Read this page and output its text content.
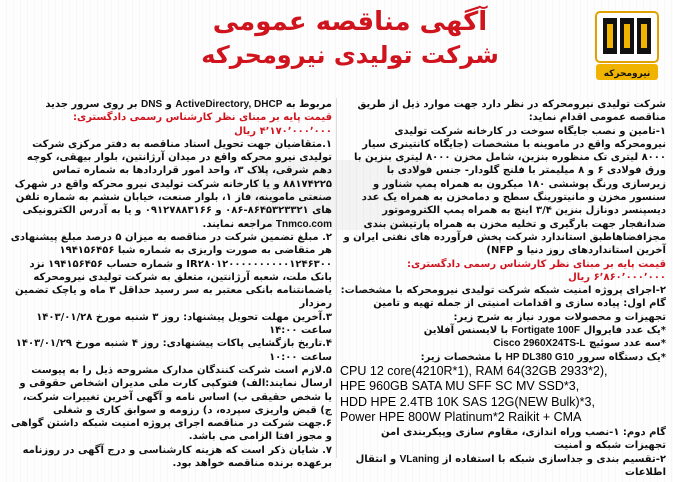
آگهی مناقصه عمومی
شرکت تولیدی نیرومحرکه
نیرومحرکه

شرکت تولیدی نیرومحرکه در نظر دارد جهت موارد ذیل از طریق مناقصه عمومی اقدام نماید:

۱-تامین و نصب جایگاه سوخت در کارخانه شرکت تولیدی نیرومحرکه واقع در ماموینه با مشخصات (جایگاه کانتینری سیار ۸۰۰۰ لیتری تک منظوره بنزین، شامل مخزن ۸۰۰۰ لیتری بنزین با ورق فولادی ۶ و ۸ میلیمتر با فلنج گلودار- جنس فولادی با زیرسازی ورنگ پوششی ۱۸۰ میکرون به همراه پمپ شناور و سنسور مخزن و مانیتورینگ سطح و دمامخزن به همراه یک عدد دیسپنسر دونازل بنزین ۳/۴ اینچ به همراه پمپ الکتروموتور ضدانفجار جهت بارگیری و تخلیه مخزن به همراه پارتیشن بندی مجزافضاهاطبق استاندارد شرکت پخش فرآورده های نفتی ایران و آخرین استانداردهای روز دنیا و NFP)

قیمت پایه بر مبنای نظر کارشناس رسمی دادگستری: ۶٬۸۶۰٬۰۰۰٬۰۰۰ ریال

۲-اجرای پروژه امنیت شبکه شرکت تولیدی نیرومحرکه با مشخصات:

گام اول: پیاده سازی و اقدامات امنیتی از جمله تهیه و تامین تجهیزات و محصولات مورد نیاز به شرح زیر:

*یک عدد فایروال Fortigate 100F با لایسنس آفلاین

*سه عدد سوئیچ Cisco 2960X24TS-L

*یک دستگاه سرور HP DL380 G10 با مشخصات زیر:

CPU 12 core(4210R*1), RAM 64(32GB 2933*2),
HPE 960GB SATA MU SFF SC MV SSD*3,
HDD HPE 2.4TB 10K SAS 12G(NEW Bulk)*3,
Power HPE 800W Platinum*2 Raikit + CMA

گام دوم: ۱-نصب وراه اندازی، مقاوم سازی وپیکربندی امن تجهیزات شبکه و امنیت

۲-تقسیم بندی و جداسازی شبکه با استفاده از VLaning و انتقال اطلاعات

مربوط به ActiveDirectory, DHCP و DNS بر روی سرور جدید

قیمت پایه بر مبنای نظر کارشناس رسمی دادگستری: ۴٬۱۷۰٬۰۰۰٬۰۰۰ ریال

۱.متقاضیان جهت تحویل اسناد مناقصه به دفتر مرکزی شرکت تولیدی نیرو محرکه واقع در میدان آرژانتین، بلوار بیهقی، کوچه دهم شرقی، پلاک ۳، واحد امور قراردادها به شماره تماس ۸۸۱۷۴۲۲۵ و یا کارخانه شرکت تولیدی نیرو محرکه واقع در شهرک صنعتی ماموینه، فاز ۱، بلوار صنعت، خیابان ششم به شماره تلفن های ۸۶۴۵۳۲۳۳۲۱-۰۸۶ و ۰۹۱۲۷۸۸۳۱۶۶ و یا به آدرس الکترونیکی

Tnmco.com مراجعه نمایند.

۲. مبلغ تضمین شرکت در مناقصه به میزان ۵ درصد مبلغ پیشنهادی هر متقاضی به صورت واریزی به شماره شبا ۱۹۴۱۵۶۴۵۶ IR۲۸۰۱۲۰۰۰۰۰۰۰۰۰۰۱۲۴۶۳۰۰ و شماره حساب ۱۹۴۱۵۶۴۵۶ نزد بانک ملت، شعبه آرژانتین، متعلق به شرکت تولیدی نیرومحرکه یاضمانتنامه بانکی معتبر به سر رسید حداقل ۳ ماه و یاچک تضمین رمزدار

۳.آخرین مهلت تحویل پیشنهاد: روز ۳ شنبه مورخ ۱۴۰۳/۰۱/۲۸ ساعت ۱۴:۰۰

۴.تاریخ بازگشایی پاکات پیشنهادی: روز ۴ شنبه مورخ ۱۴۰۳/۰۱/۲۹ ساعت ۱۰:۰۰

۵.لازم است شرکت کنندگان مدارک مشروحه ذیل را به پیوست ارسال نمایند:الف) فتوکپی کارت ملی مدیران اشخاص حقوقی و یا شخص حقیقی ب) اساس نامه و آگهی آخرین تغییرات شرکت، ج) قبض واریزی سپرده، د) رزومه و سوابق کاری و شغلی

۶.جهت شرکت در مناقصه اجرای پروژه امنیت شبکه داشتن گواهی و مجوز افتا الزامی می باشد.

۷. شایان ذکر است که هزینه کارشناسی و درج آگهی در روزنامه برعهده برنده مناقصه خواهد بود.
